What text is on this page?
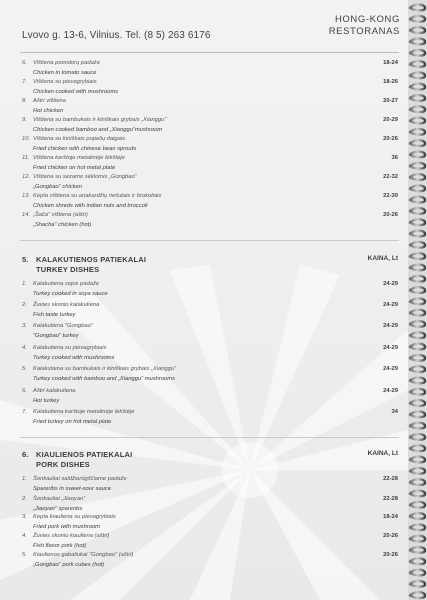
Lvovo g. 13-6, Vilnius. Tel. (8 5) 263 6176
HONG-KONG
RESTORANAS
6. Vištiena pomidorų padaže
Chicken in tomato sauce
18-24
7. Vištiena su pievagrybiais
Chicken cooked with mushrooms
18-26
8. Aštri vištiena
Hot chicken
20-27
9. Vištiena su bambukais ir kiniškais grybais „Xianggu“
Chicken cooked bamboo and „Xianggu“mushroom
20-29
10. Vištiena su kiniškais pupelių daigais
Fried chicken with chinese bean sprouts
20-26
11. Vištiena karštoje metalinėje lėkštėje
Fried chicken on hot metal plate
36
12. Vištiena su sezamo sėklomis „Gongbao“
„Gongbao“ chicken
22-32
13. Kepta vištiena su anakardžių riešutais ir brokoliais
Chicken shreds with indian nuts and broccoli
22-30
14. „Šača“ vištiena (aštri)
„Shacha“ chicken (hot)
20-26
5. KALAKUTIENOS PATIEKALAI
TURKEY DISHES
KAINA, Lt
1. Kalakutiena sojos padaže
Turkey cooked in soya sauce
24-29
2. Žuvies skonio kalakutiena
Fish taste turkey
24-29
3. Kalakutiena "Gongbao"
"Gongbao" turkey
24-29
4. Kalakutiena su pievagrybiais
Turkey cooked with mushrooms
24-29
5. Kalakutiena su bambukais ir kiniškais grybais „Xianggu“
Turkey cooked with bamboo and „Xianggu“ mushrooms
24-29
6. Aštri kalakutiena
Hot turkey
24-29
7. Kalakutiena karštoje metalinėje lėkštėje
Fried turkey on hot metal plate
34
6. KIAULIENOS PATIEKALAI
PORK DISHES
KAINA, Lt
1. Šonkauliai saldžiarūgščiame padaže
Spareribs in sweet-sour sauce
22-28
2. Šonkauliai „Jiaoyan“
„Jiaoyan“ spareribs
22-28
3. Kepta kiauliena su pievagrybiais
Fried pork with mushroom
18-24
4. Žuvies skonio kiauliena (aštri)
Fish flavor pork (hot)
20-26
5. Kiaulienos gabaliukai "Gongbao" (aštri)
„Gongbao“ pork cubes (hot)
20-26
